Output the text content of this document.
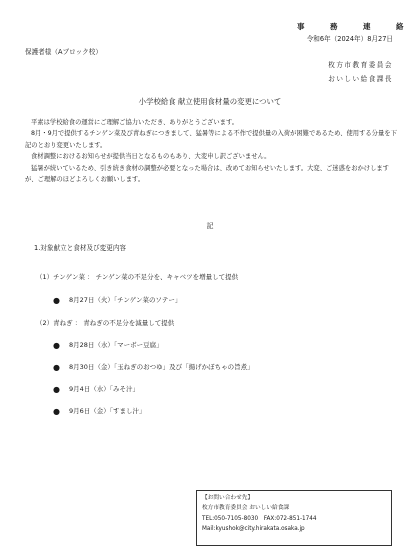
事　務　連　絡
令和6年（2024年）8月27日
保護者様（Aブロック校）
枚方市教育委員会
おいしい給食課長
小学校給食 献立使用食材量の変更について

平素は学校給食の運営にご理解ご協力いただき、ありがとうございます。

8月・9月で提供するチンゲン菜及び青ねぎにつきまして、猛暑等による不作で提供量の入荷が困難であるため、使用する分量を下記のとおり変更いたします。

食材調整におけるお知らせが提供当日となるものもあり、大変申し訳ございません。

猛暑が続いているため、引き続き食材の調整が必要となった場合は、改めてお知らせいたします。大変、ご迷惑をおかけしますが、ご理解のほどよろしくお願いします。

記
1.対象献立と食材及び変更内容
（1）チンゲン菜 ： チンゲン菜の不足分を、キャベツを増量して提供
● 8月27日（火）「チンゲン菜のソテー」
（2）青ねぎ ： 青ねぎの不足分を減量して提供
● 8月28日（水）「マーボー豆腐」
● 8月30日（金）「玉ねぎのおつゆ」及び「揚げかぼちゃの旨煮」
● 9月4日（水）「みそ汁」
● 9月6日（金）「すまし汁」
【お問い合わせ先】
枚方市教育委員会 おいしい給食課
TEL:050-7105-8030　FAX:072-851-1744
Mail:kyushok@city.hirakata.osaka.jp
